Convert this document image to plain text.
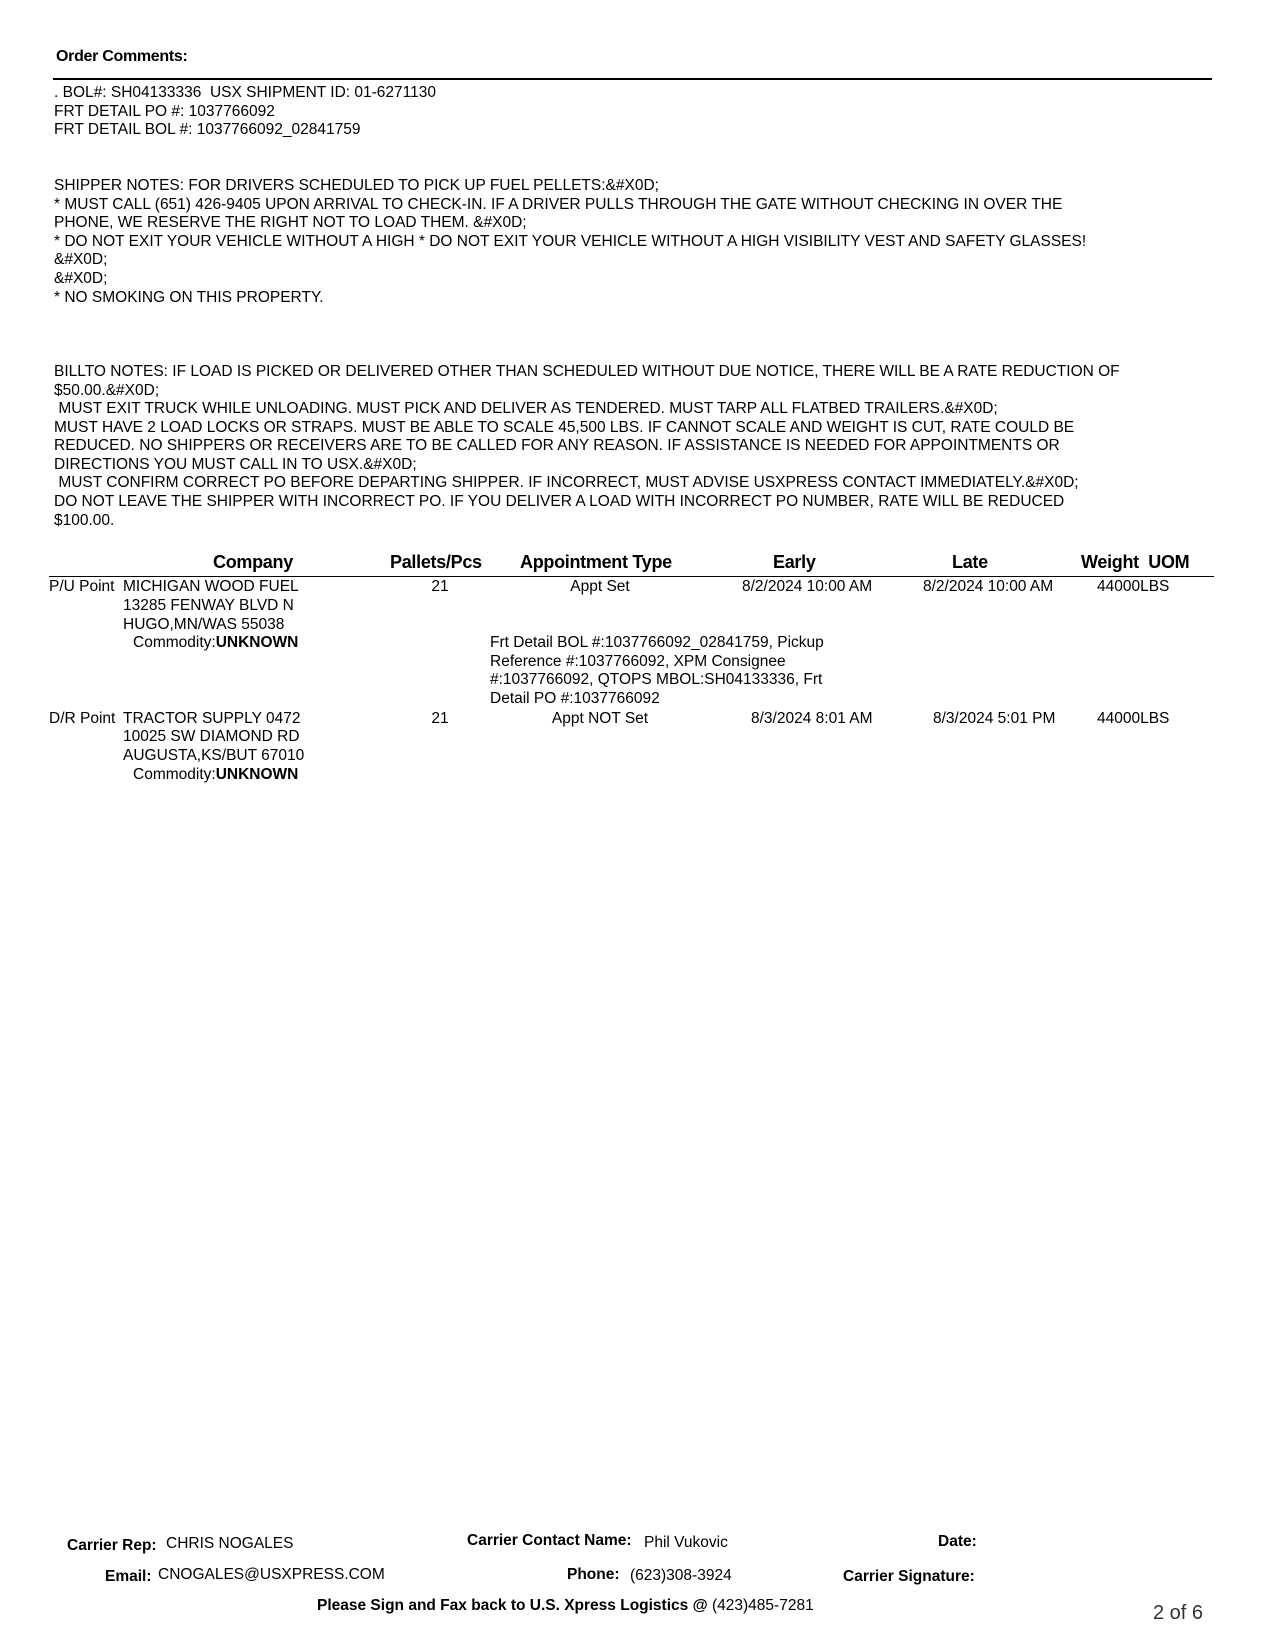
Order Comments:
. BOL#: SH04133336  USX SHIPMENT ID: 01-6271130
FRT DETAIL PO #: 1037766092
FRT DETAIL BOL #: 1037766092_02841759
SHIPPER NOTES: FOR DRIVERS SCHEDULED TO PICK UP FUEL PELLETS:&#X0D;
* MUST CALL (651) 426-9405 UPON ARRIVAL TO CHECK-IN. IF A DRIVER PULLS THROUGH THE GATE WITHOUT CHECKING IN OVER THE
PHONE, WE RESERVE THE RIGHT NOT TO LOAD THEM. &#X0D;
* DO NOT EXIT YOUR VEHICLE WITHOUT A HIGH * DO NOT EXIT YOUR VEHICLE WITHOUT A HIGH VISIBILITY VEST AND SAFETY GLASSES!
&#X0D;
&#X0D;
* NO SMOKING ON THIS PROPERTY.
BILLTO NOTES: IF LOAD IS PICKED OR DELIVERED OTHER THAN SCHEDULED WITHOUT DUE NOTICE, THERE WILL BE A RATE REDUCTION OF
$50.00.&#X0D;
MUST EXIT TRUCK WHILE UNLOADING. MUST PICK AND DELIVER AS TENDERED. MUST TARP ALL FLATBED TRAILERS.&#X0D;
MUST HAVE 2 LOAD LOCKS OR STRAPS. MUST BE ABLE TO SCALE 45,500 LBS. IF CANNOT SCALE AND WEIGHT IS CUT, RATE COULD BE
REDUCED. NO SHIPPERS OR RECEIVERS ARE TO BE CALLED FOR ANY REASON. IF ASSISTANCE IS NEEDED FOR APPOINTMENTS OR
DIRECTIONS YOU MUST CALL IN TO USX.&#X0D;
MUST CONFIRM CORRECT PO BEFORE DEPARTING SHIPPER. IF INCORRECT, MUST ADVISE USXPRESS CONTACT IMMEDIATELY.&#X0D;
DO NOT LEAVE THE SHIPPER WITH INCORRECT PO. IF YOU DELIVER A LOAD WITH INCORRECT PO NUMBER, RATE WILL BE REDUCED
$100.00.
Company	Pallets/Pcs Appointment Type	Early	Late	Weight  UOM
P/U Point MICHIGAN WOOD FUEL
13285 FENWAY BLVD N
HUGO,MN/WAS 55038
Commodity:UNKNOWN
21	Appt Set	8/2/2024 10:00 AM	8/2/2024 10:00 AM	44000LBS
Frt Detail BOL #:1037766092_02841759, Pickup
Reference #:1037766092, XPM Consignee
#:1037766092, QTOPS MBOL:SH04133336, Frt
Detail PO #:1037766092
D/R Point TRACTOR SUPPLY 0472
10025 SW DIAMOND RD
AUGUSTA,KS/BUT 67010
Commodity:UNKNOWN
21	Appt NOT Set	8/3/2024 8:01 AM	8/3/2024 5:01 PM	44000LBS
Carrier Rep: CHRIS NOGALES
Email: CNOGALES@USXPRESS.COM
Carrier Contact Name: Phil Vukovic
Phone: (623)308-3924
Date:
Carrier Signature:
Please Sign and Fax back to U.S. Xpress Logistics @ (423)485-7281	2 of 6
